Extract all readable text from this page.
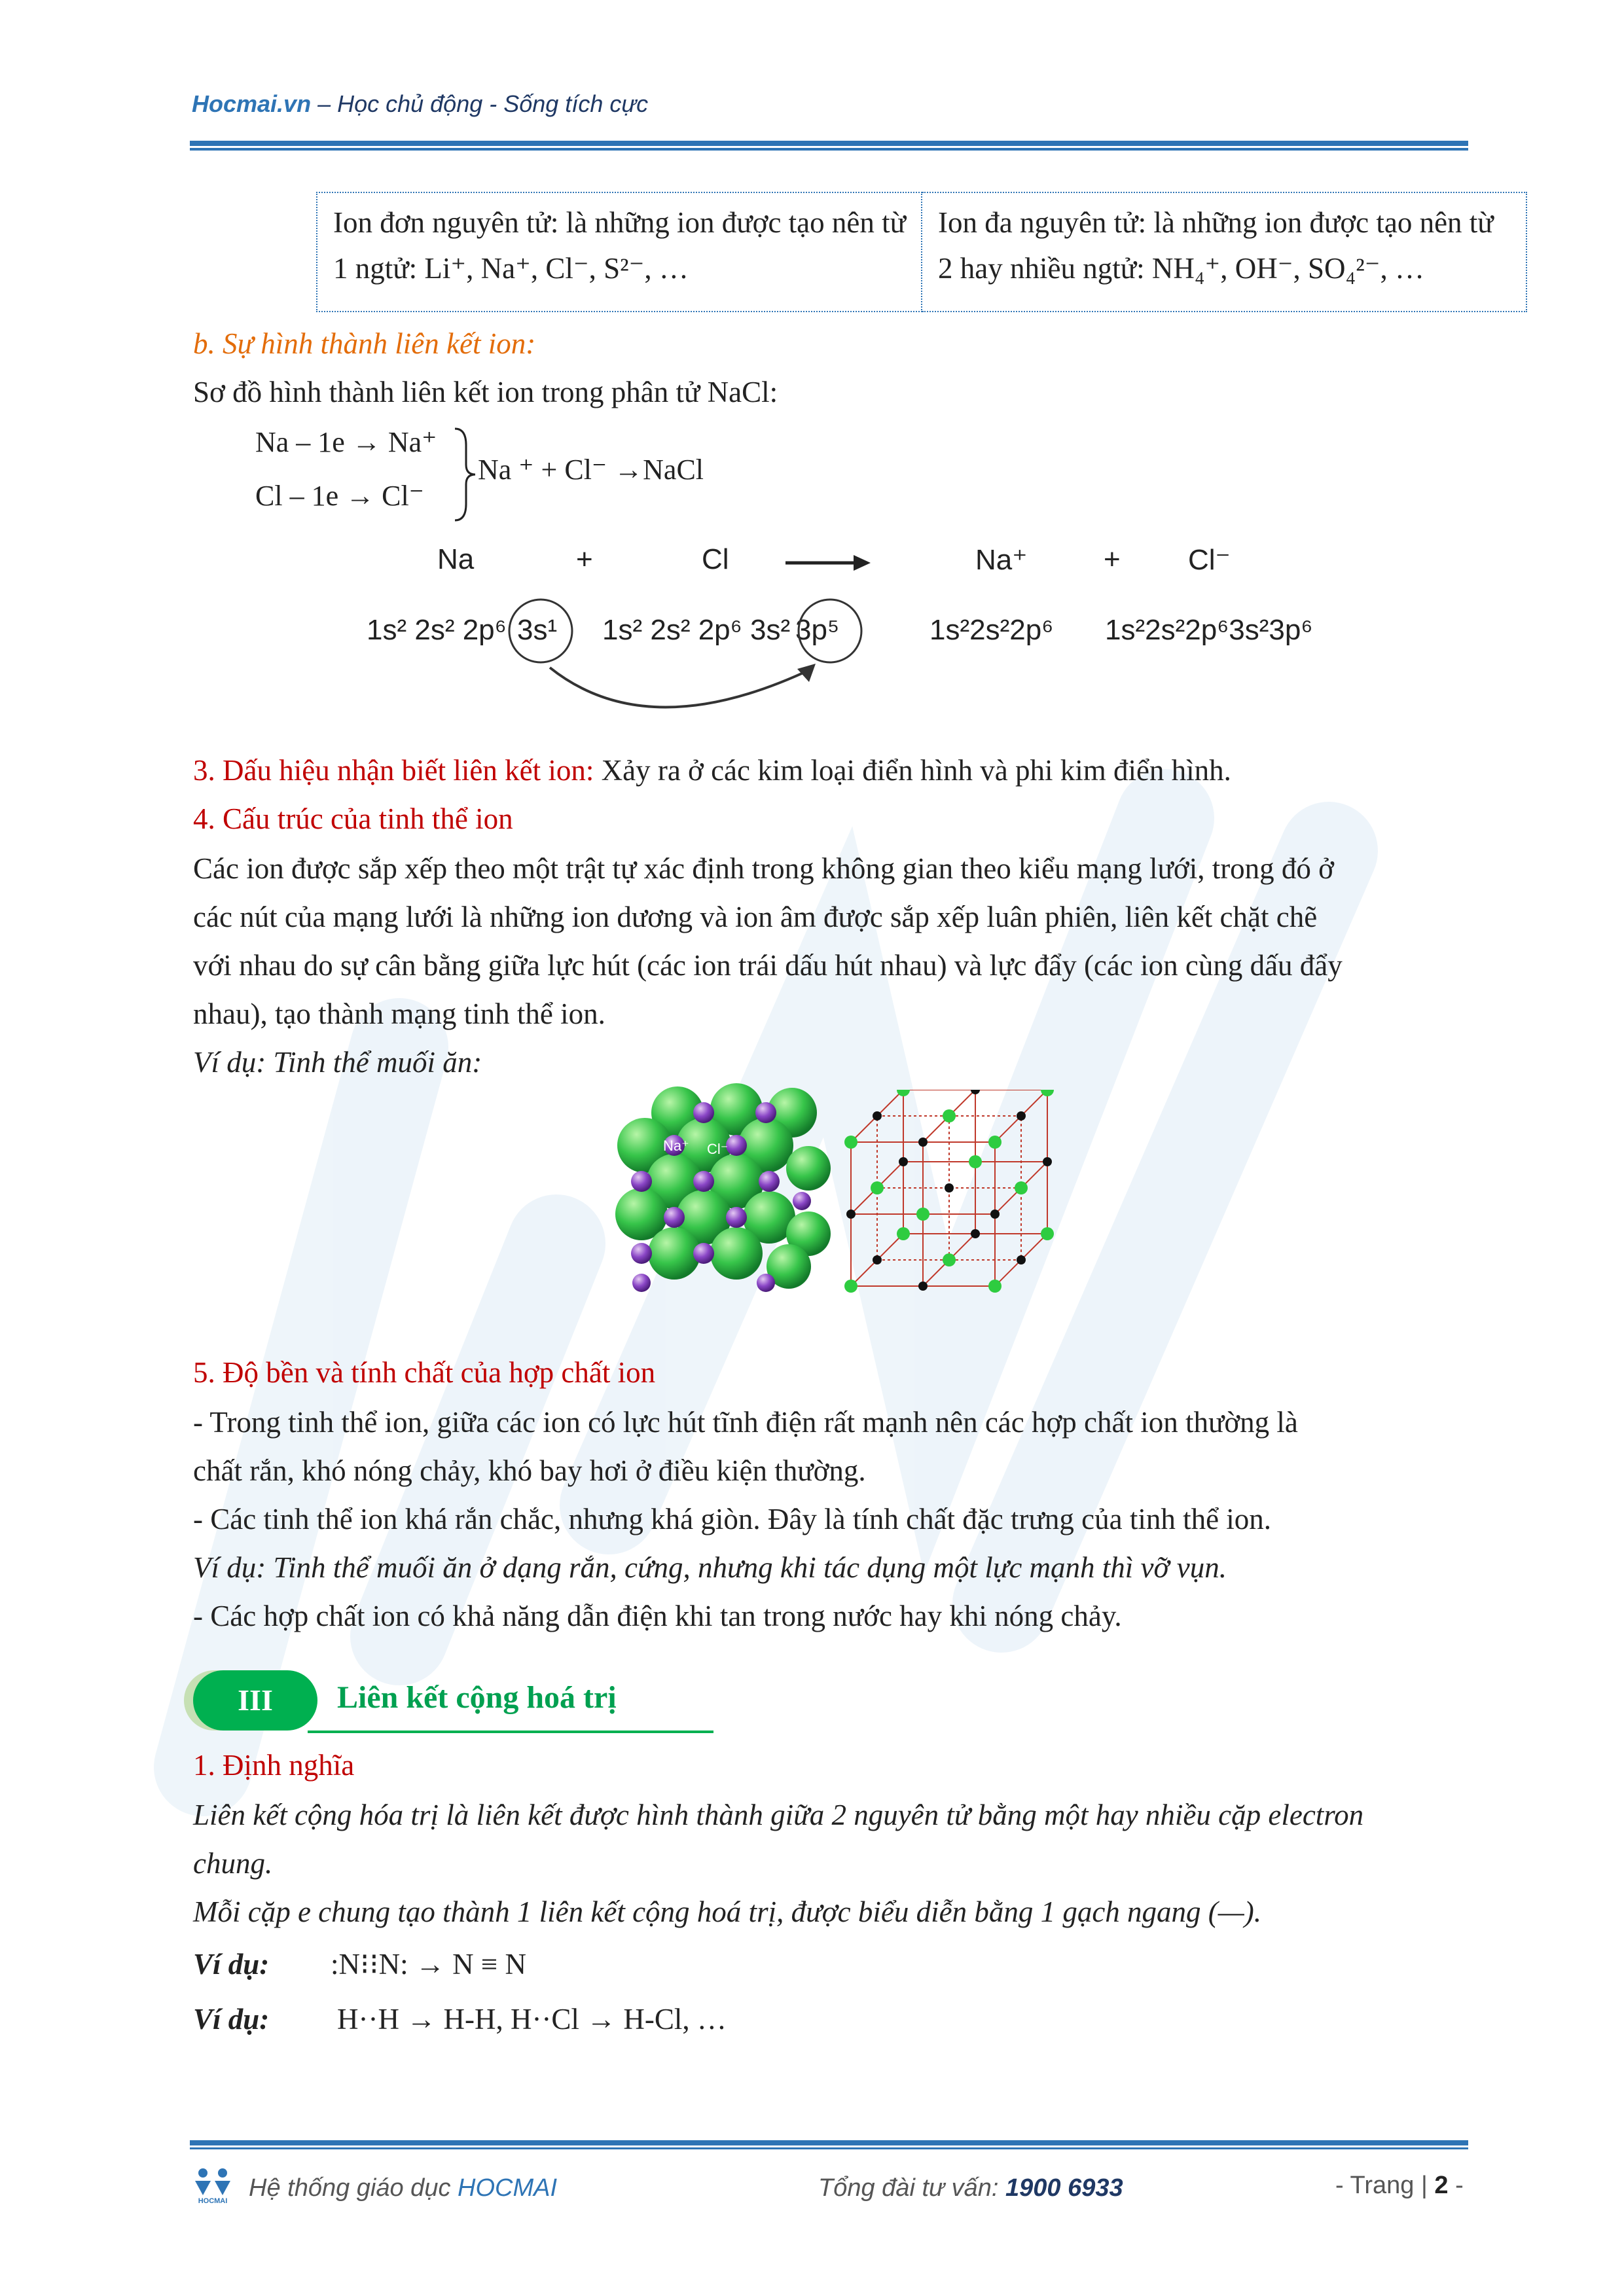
Hocmai.vn – Học chủ động - Sống tích cực
Ion đơn nguyên tử: là những ion được tạo nên từ 1 ngtử: Li⁺, Na⁺, Cl⁻, S²⁻, …	Ion đa nguyên tử: là những ion được tạo nên từ 2 hay nhiều ngtử: NH₄⁺, OH⁻, SO₄²⁻, …
b. Sự hình thành liên kết ion:
Sơ đồ hình thành liên kết ion trong phân tử NaCl:
Na – 1e → Na⁺
Cl – 1e → Cl⁻
Na ⁺ + Cl⁻ →NaCl
Na	+	Cl	Na⁺	+ Cl⁻
1s² 2s² 2p⁶ 3s¹ 1s² 2s² 2p⁶ 3s² 3p⁵	1s²2s²2p⁶ 1s²2s²2p⁶3s²3p⁶
3. Dấu hiệu nhận biết liên kết ion: Xảy ra ở các kim loại điển hình và phi kim điển hình.
4. Cấu trúc của tinh thể ion
Các ion được sắp xếp theo một trật tự xác định trong không gian theo kiểu mạng lưới, trong đó ở
các nút của mạng lưới là những ion dương và ion âm được sắp xếp luân phiên, liên kết chặt chẽ
với nhau do sự cân bằng giữa lực hút (các ion trái dấu hút nhau) và lực đẩy (các ion cùng dấu đẩy
nhau), tạo thành mạng tinh thể ion.
Ví dụ: Tinh thể muối ăn:
Na⁺ Cl⁻
5. Độ bền và tính chất của hợp chất ion
- Trong tinh thể ion, giữa các ion có lực hút tĩnh điện rất mạnh nên các hợp chất ion thường là
chất rắn, khó nóng chảy, khó bay hơi ở điều kiện thường.
- Các tinh thể ion khá rắn chắc, nhưng khá giòn. Đây là tính chất đặc trưng của tinh thể ion.
Ví dụ: Tinh thể muối ăn ở dạng rắn, cứng, nhưng khi tác dụng một lực mạnh thì vỡ vụn.
- Các hợp chất ion có khả năng dẫn điện khi tan trong nước hay khi nóng chảy.
III	Liên kết cộng hoá trị
1. Định nghĩa
Liên kết cộng hóa trị là liên kết được hình thành giữa 2 nguyên tử bằng một hay nhiều cặp electron
chung.
Mỗi cặp e chung tạo thành 1 liên kết cộng hoá trị, được biểu diễn bằng 1 gạch ngang (—).
Ví dụ: :N⁝⁝N: → N ≡ N
Ví dụ: H··H → H-H, H··Cl → H-Cl, …
HOCMAI Hệ thống giáo dục HOCMAI	Tổng đài tư vấn: 1900 6933	- Trang | 2 -
